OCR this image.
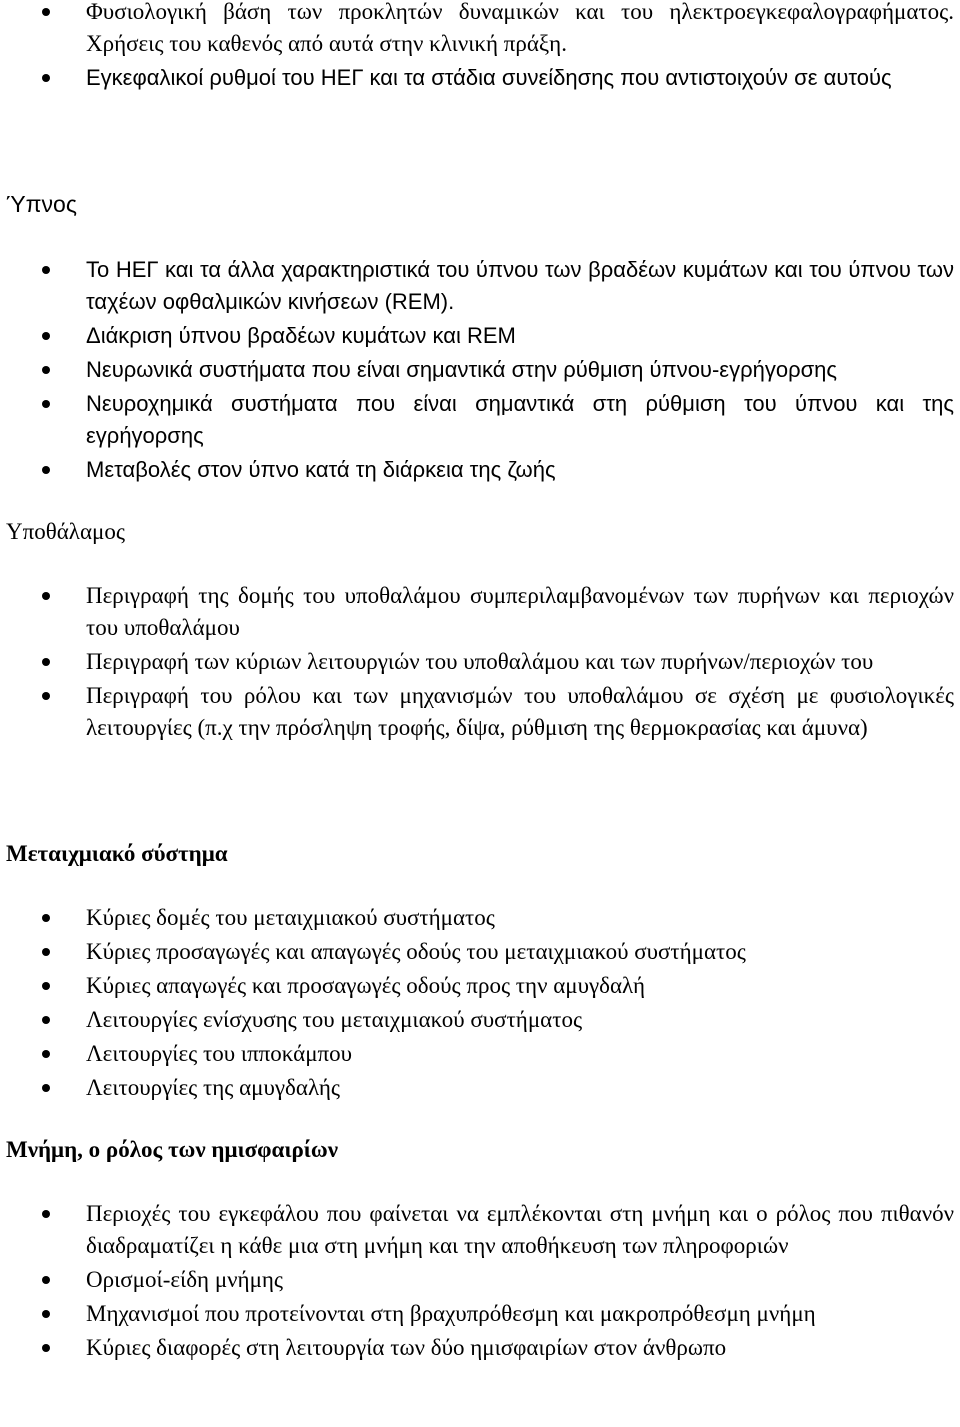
Φυσιολογική βάση των προκλητών δυναμικών και του ηλεκτροεγκεφαλογραφήματος. Χρήσεις του καθενός από αυτά στην κλινική πράξη.
Εγκεφαλικοί ρυθμοί του ΗΕΓ και τα στάδια συνείδησης που αντιστοιχούν σε αυτούς
Ύπνος
Το ΗΕΓ και τα άλλα χαρακτηριστικά του ύπνου των βραδέων κυμάτων και του ύπνου των ταχέων οφθαλμικών κινήσεων (REM).
Διάκριση ύπνου βραδέων κυμάτων και REM
Νευρωνικά συστήματα που είναι σημαντικά στην ρύθμιση ύπνου-εγρήγορσης
Νευροχημικά συστήματα που είναι σημαντικά στη ρύθμιση του ύπνου και της εγρήγορσης
Μεταβολές στον ύπνο κατά τη διάρκεια της ζωής
Υποθάλαμος
Περιγραφή της δομής του υποθαλάμου συμπεριλαμβανομένων των πυρήνων και περιοχών του υποθαλάμου
Περιγραφή των κύριων λειτουργιών του υποθαλάμου και των πυρήνων/περιοχών του
Περιγραφή του ρόλου και των μηχανισμών του υποθαλάμου σε σχέση με φυσιολογικές λειτουργίες (π.χ την πρόσληψη τροφής, δίψα, ρύθμιση της θερμοκρασίας και άμυνα)
Μεταιχμιακό σύστημα
Κύριες δομές του μεταιχμιακού συστήματος
Κύριες προσαγωγές και απαγωγές οδούς του μεταιχμιακού συστήματος
Κύριες απαγωγές και προσαγωγές οδούς προς την αμυγδαλή
Λειτουργίες ενίσχυσης του μεταιχμιακού συστήματος
Λειτουργίες του ιπποκάμπου
Λειτουργίες της αμυγδαλής
Μνήμη, ο ρόλος των ημισφαιρίων
Περιοχές του εγκεφάλου που φαίνεται να εμπλέκονται στη μνήμη και ο ρόλος που πιθανόν διαδραματίζει η κάθε μια στη μνήμη και την αποθήκευση των πληροφοριών
Ορισμοί-είδη μνήμης
Μηχανισμοί που προτείνονται στη βραχυπρόθεσμη και μακροπρόθεσμη μνήμη
Κύριες διαφορές στη λειτουργία των δύο ημισφαιρίων στον άνθρωπο
